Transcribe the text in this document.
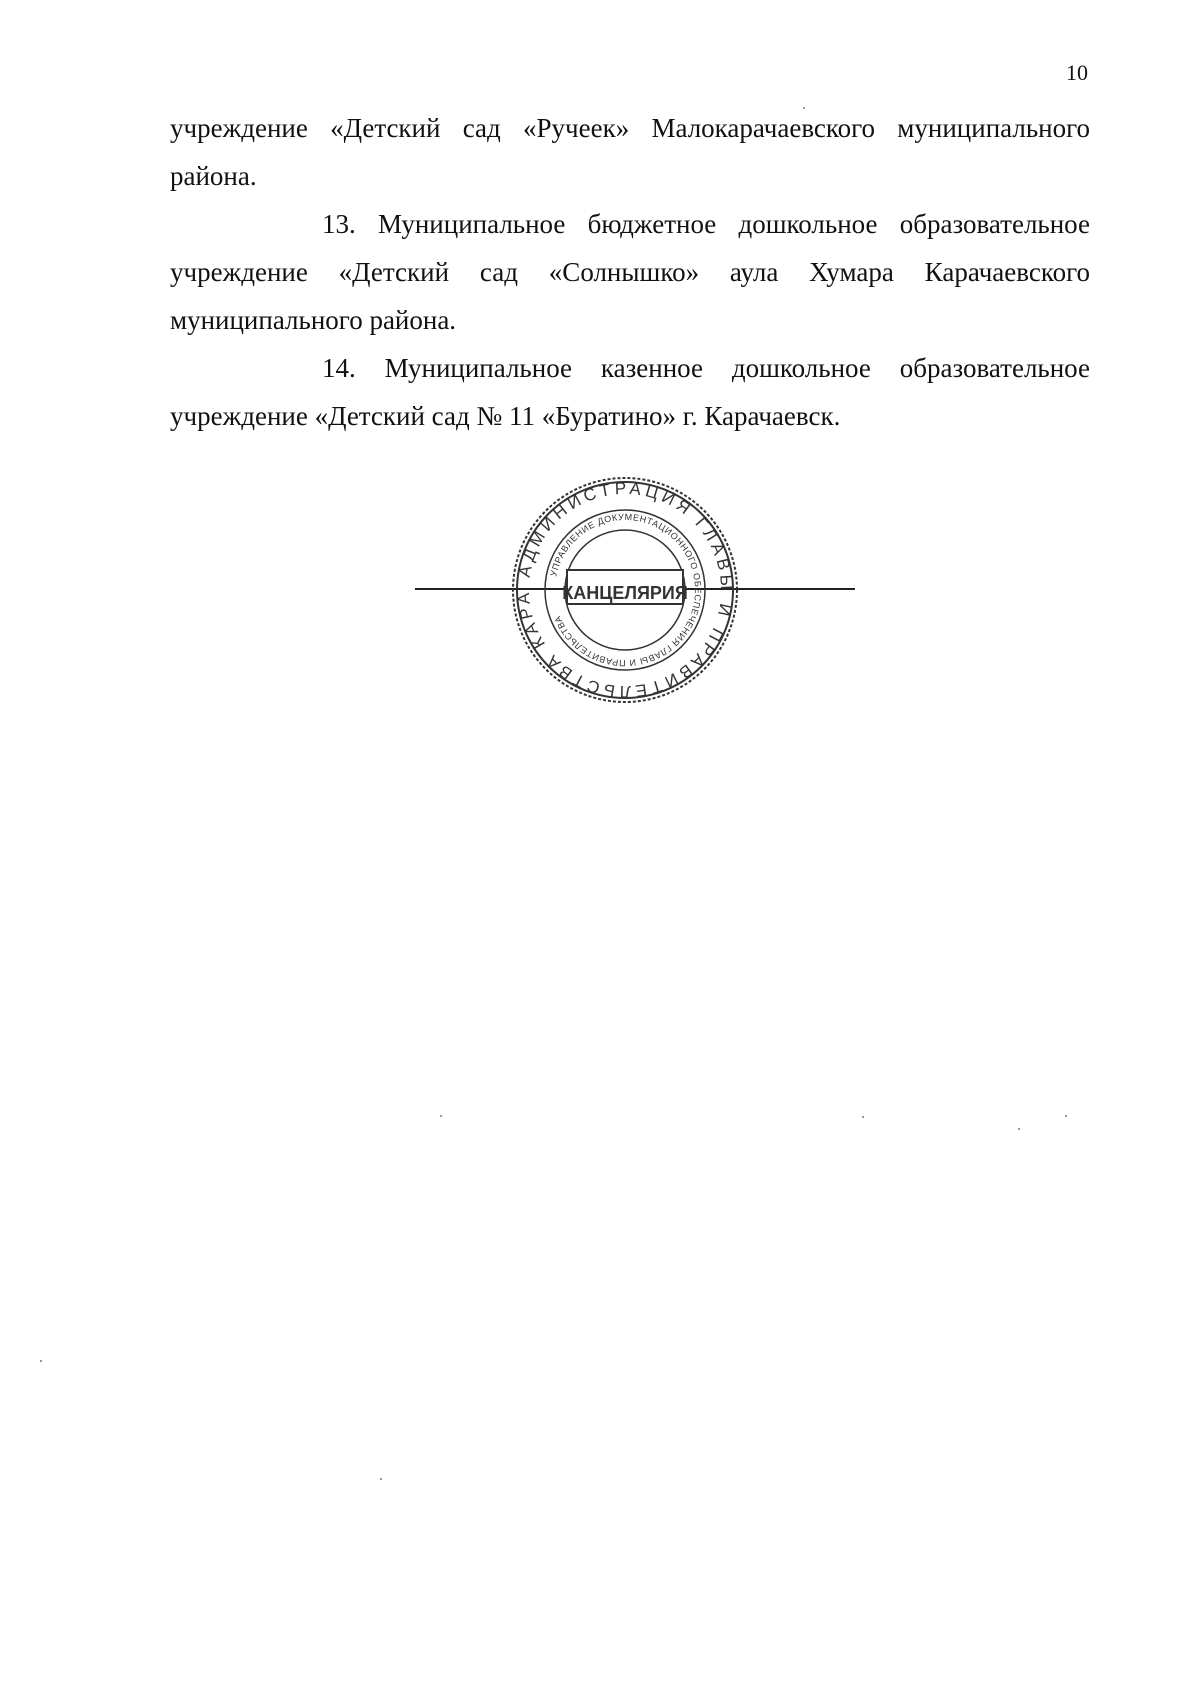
10

учреждение «Детский сад «Ручеек» Малокарачаевского муниципального района.

13. Муниципальное бюджетное дошкольное образовательное учреждение «Детский сад «Солнышко» аула Хумара Карачаевского муниципального района.

14. Муниципальное казенное дошкольное образовательное учреждение «Детский сад № 11 «Буратино» г. Карачаевск.

АДМИНИСТРАЦИЯ ГЛАВЫ И ПРАВИТЕЛЬСТВА КАРА
УПРАВЛЕНИЕ ДОКУМЕНТАЦИОННОГО ОБЕСПЕЧЕНИЯ ГЛАВЫ И ПРАВИТЕЛЬСТВА
КАНЦЕЛЯРИЯ
